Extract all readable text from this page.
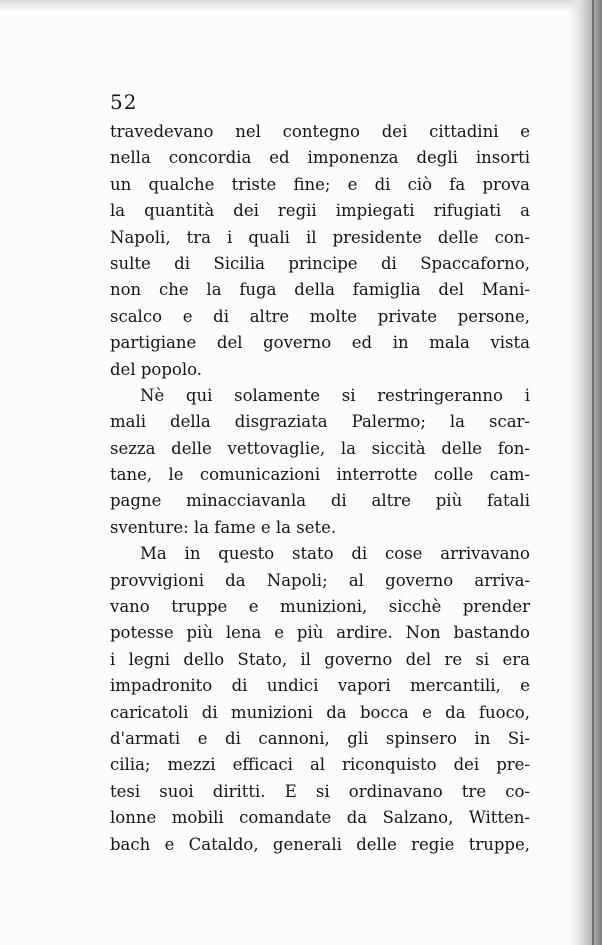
52
travedevano nel contegno dei cittadini e
nella concordia ed imponenza degli insorti
un qualche triste fine; e di ciò fa prova
la quantità dei regii impiegati rifugiati a
Napoli, tra i quali il presidente delle con-
sulte di Sicilia principe di Spaccaforno,
non che la fuga della famiglia del Mani-
scalco e di altre molte private persone,
partigiane del governo ed in mala vista
del popolo.
Nè qui solamente si restringeranno i
mali della disgraziata Palermo; la scar-
sezza delle vettovaglie, la siccità delle fon-
tane, le comunicazioni interrotte colle cam-
pagne minacciavanla di altre più fatali
sventure: la fame e la sete.
Ma in questo stato di cose arrivavano
provvigioni da Napoli; al governo arriva-
vano truppe e munizioni, sicchè prender
potesse più lena e più ardire. Non bastando
i legni dello Stato, il governo del re si era
impadronito di undici vapori mercantili, e
caricatoli di munizioni da bocca e da fuoco,
d'armati e di cannoni, gli spinsero in Si-
cilia; mezzi efficaci al riconquisto dei pre-
tesi suoi diritti. E si ordinavano tre co-
lonne mobili comandate da Salzano, Witten-
bach e Cataldo, generali delle regie truppe,
